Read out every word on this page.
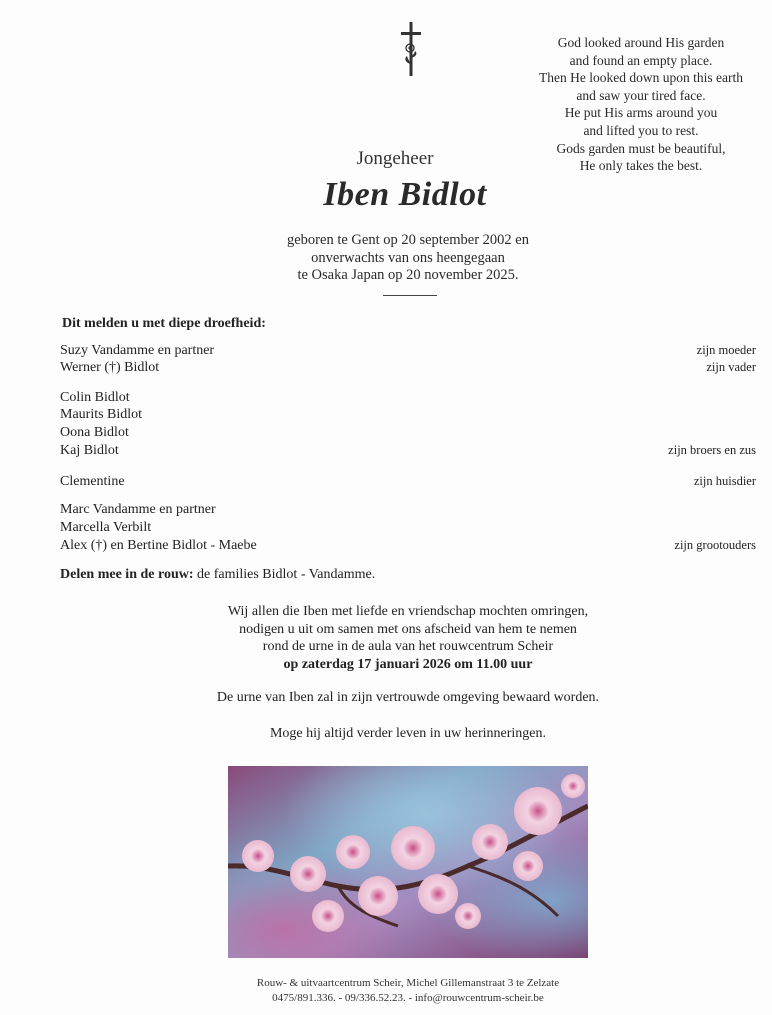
God looked around His garden
and found an empty place.
Then He looked down upon this earth
and saw your tired face.
He put His arms around you
and lifted you to rest.
Gods garden must be beautiful,
He only takes the best.
Jongeheer
Iben Bidlot
geboren te Gent op 20 september 2002 en
onverwachts van ons heengegaan
te Osaka Japan op 20 november 2025.
Dit melden u met diepe droefheid:
Suzy Vandamme en partner	zijn moeder
Werner (†) Bidlot	zijn vader
Colin Bidlot
Maurits Bidlot
Oona Bidlot
Kaj Bidlot	zijn broers en zus
Clementine	zijn huisdier
Marc Vandamme en partner
Marcella Verbilt
Alex (†) en Bertine Bidlot - Maebe	zijn grootouders
Delen mee in de rouw: de families Bidlot - Vandamme.
Wij allen die Iben met liefde en vriendschap mochten omringen,
nodigen u uit om samen met ons afscheid van hem te nemen
rond de urne in de aula van het rouwcentrum Scheir
op zaterdag 17 januari 2026 om 11.00 uur
De urne van Iben zal in zijn vertrouwde omgeving bewaard worden.
Moge hij altijd verder leven in uw herinneringen.
Rouw- & uitvaartcentrum Scheir, Michel Gillemanstraat 3 te Zelzate
0475/891.336. - 09/336.52.23. - info@rouwcentrum-scheir.be
